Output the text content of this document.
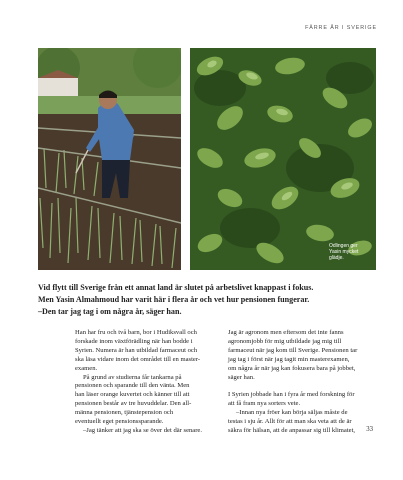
FÄRRE ÅR I SVERIGE
Odlingen ger
Yasin mycket
glädje.

Vid flytt till Sverige från ett annat land är slutet på arbetslivet knappast i fokus.

Men Yasin Almahmoud har varit här i flera år och vet hur pensionen fungerar.

–Den tar jag tag i om några år, säger han.

Han har fru och två barn, bor i Hudiksvall och

forskade inom växtförädling när han bodde i

Syrien. Numera är han utbildad farmaceut och

ska läsa vidare inom det området till en master-

examen.

På grund av studierna får tankarna på

pensionen och sparande till den vänta. Men

han läser orange kuvertet och känner till att

pensionen består av tre huvuddelar. Den all-

männa pensionen, tjänstepension och

eventuellt eget pensionssparande.

–Jag tänker att jag ska se över det där senare.

Jag är agronom men eftersom det inte fanns

agronomjobb för mig utbildade jag mig till

farmaceut när jag kom till Sverige. Pensionen tar

jag tag i först när jag tagit min masterexamen,

om några år när jag kan fokusera bara på jobbet,

säger han.

I Syrien jobbade han i fyra år med forskning för

att få fram nya sorters vete.

–Innan nya fröer kan börja säljas måste de

testas i sju år. Allt för att man ska veta att de är

säkra för hälsan, att de anpassar sig till klimatet,	33
